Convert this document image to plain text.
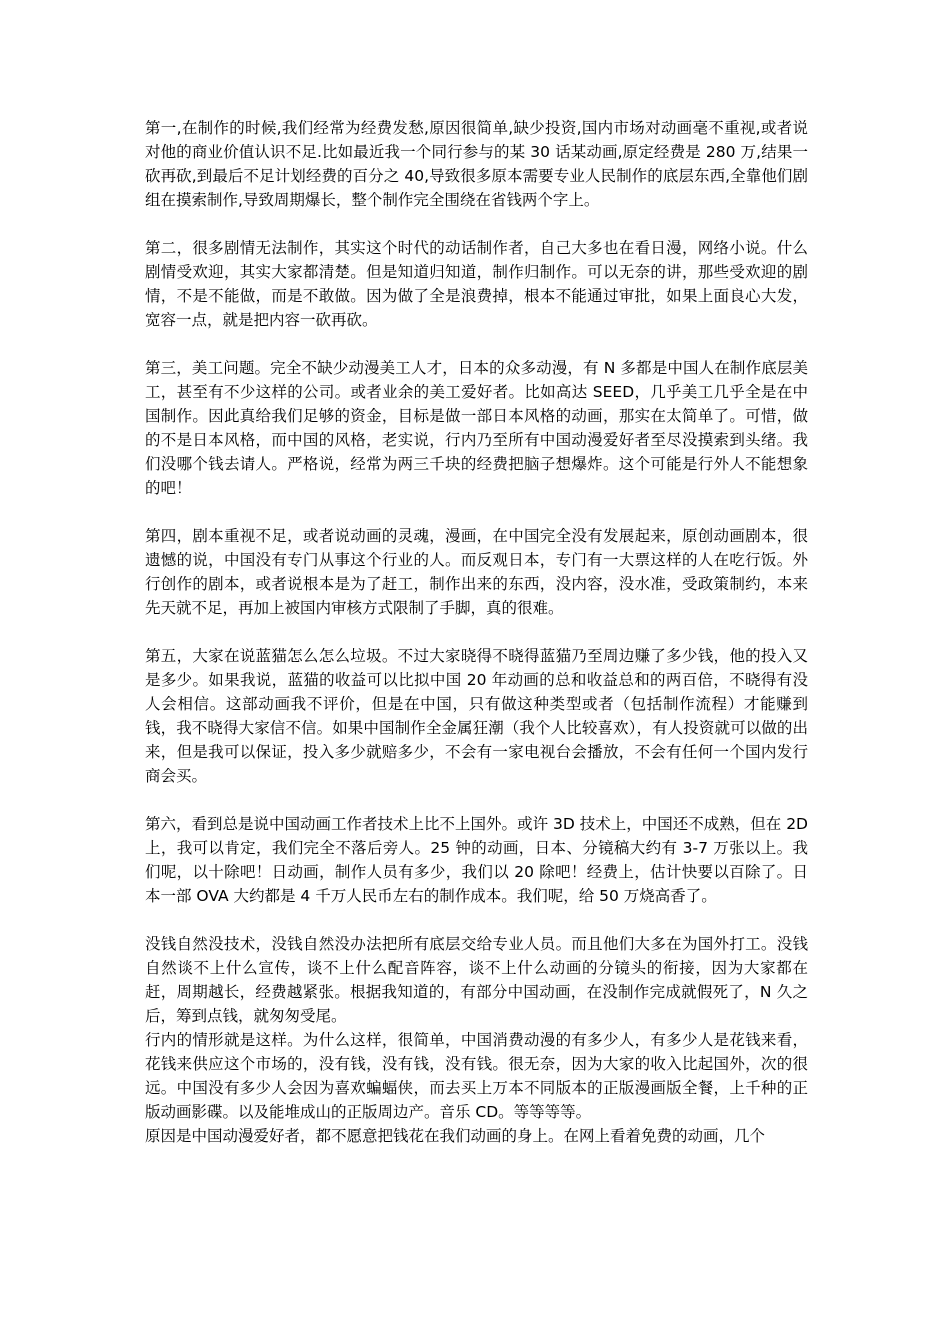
第一,在制作的时候,我们经常为经费发愁,原因很简单,缺少投资,国内市场对动画毫不重视,或者说对他的商业价值认识不足.比如最近我一个同行参与的某 30 话某动画,原定经费是 280 万,结果一砍再砍,到最后不足计划经费的百分之 40,导致很多原本需要专业人民制作的底层东西,全靠他们剧组在摸索制作,导致周期爆长，整个制作完全围绕在省钱两个字上。

第二，很多剧情无法制作，其实这个时代的动话制作者，自己大多也在看日漫，网络小说。什么剧情受欢迎，其实大家都清楚。但是知道归知道，制作归制作。可以无奈的讲，那些受欢迎的剧情，不是不能做，而是不敢做。因为做了全是浪费掉，根本不能通过审批，如果上面良心大发，宽容一点，就是把内容一砍再砍。

第三，美工问题。完全不缺少动漫美工人才，日本的众多动漫，有 N 多都是中国人在制作底层美工，甚至有不少这样的公司。或者业余的美工爱好者。比如高达 SEED，几乎美工几乎全是在中国制作。因此真给我们足够的资金，目标是做一部日本风格的动画，那实在太简单了。可惜，做的不是日本风格，而中国的风格，老实说，行内乃至所有中国动漫爱好者至尽没摸索到头绪。我们没哪个钱去请人。严格说，经常为两三千块的经费把脑子想爆炸。这个可能是行外人不能想象的吧！

第四，剧本重视不足，或者说动画的灵魂，漫画，在中国完全没有发展起来，原创动画剧本，很遗憾的说，中国没有专门从事这个行业的人。而反观日本，专门有一大票这样的人在吃行饭。外行创作的剧本，或者说根本是为了赶工，制作出来的东西，没内容，没水准，受政策制约，本来先天就不足，再加上被国内审核方式限制了手脚，真的很难。

第五，大家在说蓝猫怎么怎么垃圾。不过大家晓得不晓得蓝猫乃至周边赚了多少钱，他的投入又是多少。如果我说，蓝猫的收益可以比拟中国 20 年动画的总和收益总和的两百倍，不晓得有没人会相信。这部动画我不评价，但是在中国，只有做这种类型或者（包括制作流程）才能赚到钱，我不晓得大家信不信。如果中国制作全金属狂潮（我个人比较喜欢），有人投资就可以做的出来，但是我可以保证，投入多少就赔多少，不会有一家电视台会播放，不会有任何一个国内发行商会买。

第六，看到总是说中国动画工作者技术上比不上国外。或许 3D 技术上，中国还不成熟，但在 2D 上，我可以肯定，我们完全不落后旁人。25 钟的动画，日本、分镜稿大约有 3-7 万张以上。我们呢，以十除吧！日动画，制作人员有多少，我们以 20 除吧！经费上，估计快要以百除了。日本一部 OVA 大约都是 4 千万人民币左右的制作成本。我们呢，给 50 万烧高香了。

没钱自然没技术，没钱自然没办法把所有底层交给专业人员。而且他们大多在为国外打工。没钱自然谈不上什么宣传，谈不上什么配音阵容，谈不上什么动画的分镜头的衔接，因为大家都在赶，周期越长，经费越紧张。根据我知道的，有部分中国动画，在没制作完成就假死了，N 久之后，筹到点钱，就匆匆受尾。

行内的情形就是这样。为什么这样，很简单，中国消费动漫的有多少人，有多少人是花钱来看，花钱来供应这个市场的，没有钱，没有钱，没有钱。很无奈，因为大家的收入比起国外，次的很远。中国没有多少人会因为喜欢蝙蝠侠，而去买上万本不同版本的正版漫画版全餐，上千种的正版动画影碟。以及能堆成山的正版周边产。音乐 CD。等等等等。

原因是中国动漫爱好者，都不愿意把钱花在我们动画的身上。在网上看着免费的动画，几个
